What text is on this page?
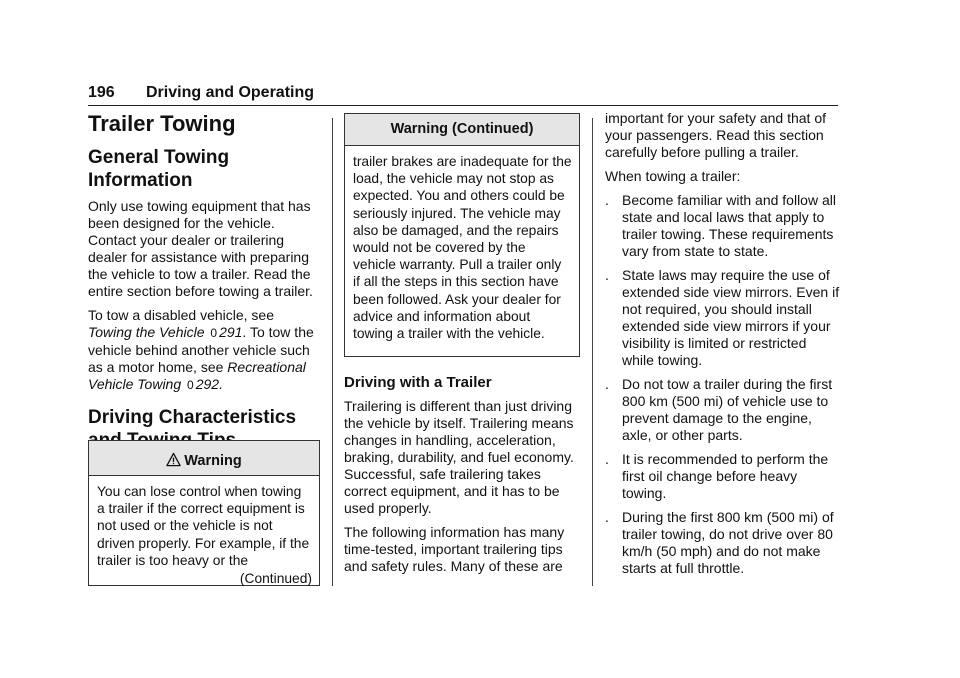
196 Driving and Operating
Trailer Towing
General Towing Information

Only use towing equipment that has been designed for the vehicle. Contact your dealer or trailering dealer for assistance with preparing the vehicle to tow a trailer. Read the entire section before towing a trailer.

To tow a disabled vehicle, see Towing the Vehicle 0 291. To tow the vehicle behind another vehicle such as a motor home, see Recreational Vehicle Towing 0 292.

Driving Characteristics
Warning
You can lose control when towing a trailer if the correct equipment is not used or the vehicle is not driven properly. For example, if the trailer is too heavy or the
(Continued)
Warning (Continued)
trailer brakes are inadequate for the load, the vehicle may not stop as expected. You and others could be seriously injured. The vehicle may also be damaged, and the repairs would not be covered by the vehicle warranty. Pull a trailer only if all the steps in this section have been followed. Ask your dealer for advice and information about towing a trailer with the vehicle.
Driving with a Trailer

Trailering is different than just driving the vehicle by itself. Trailering means changes in handling, acceleration, braking, durability, and fuel economy. Successful, safe trailering takes correct equipment, and it has to be used properly.

The following information has many time-tested, important trailering tips and safety rules. Many of these are

important for your safety and that of your passengers. Read this section carefully before pulling a trailer.

When towing a trailer:

. Become familiar with and follow all state and local laws that apply to trailer towing. These requirements vary from state to state.
. State laws may require the use of extended side view mirrors. Even if not required, you should install extended side view mirrors if your visibility is limited or restricted while towing.
. Do not tow a trailer during the first 800 km (500 mi) of vehicle use to prevent damage to the engine, axle, or other parts.
. It is recommended to perform the first oil change before heavy towing.
. During the first 800 km (500 mi) of trailer towing, do not drive over 80 km/h (50 mph) and do not make starts at full throttle.
